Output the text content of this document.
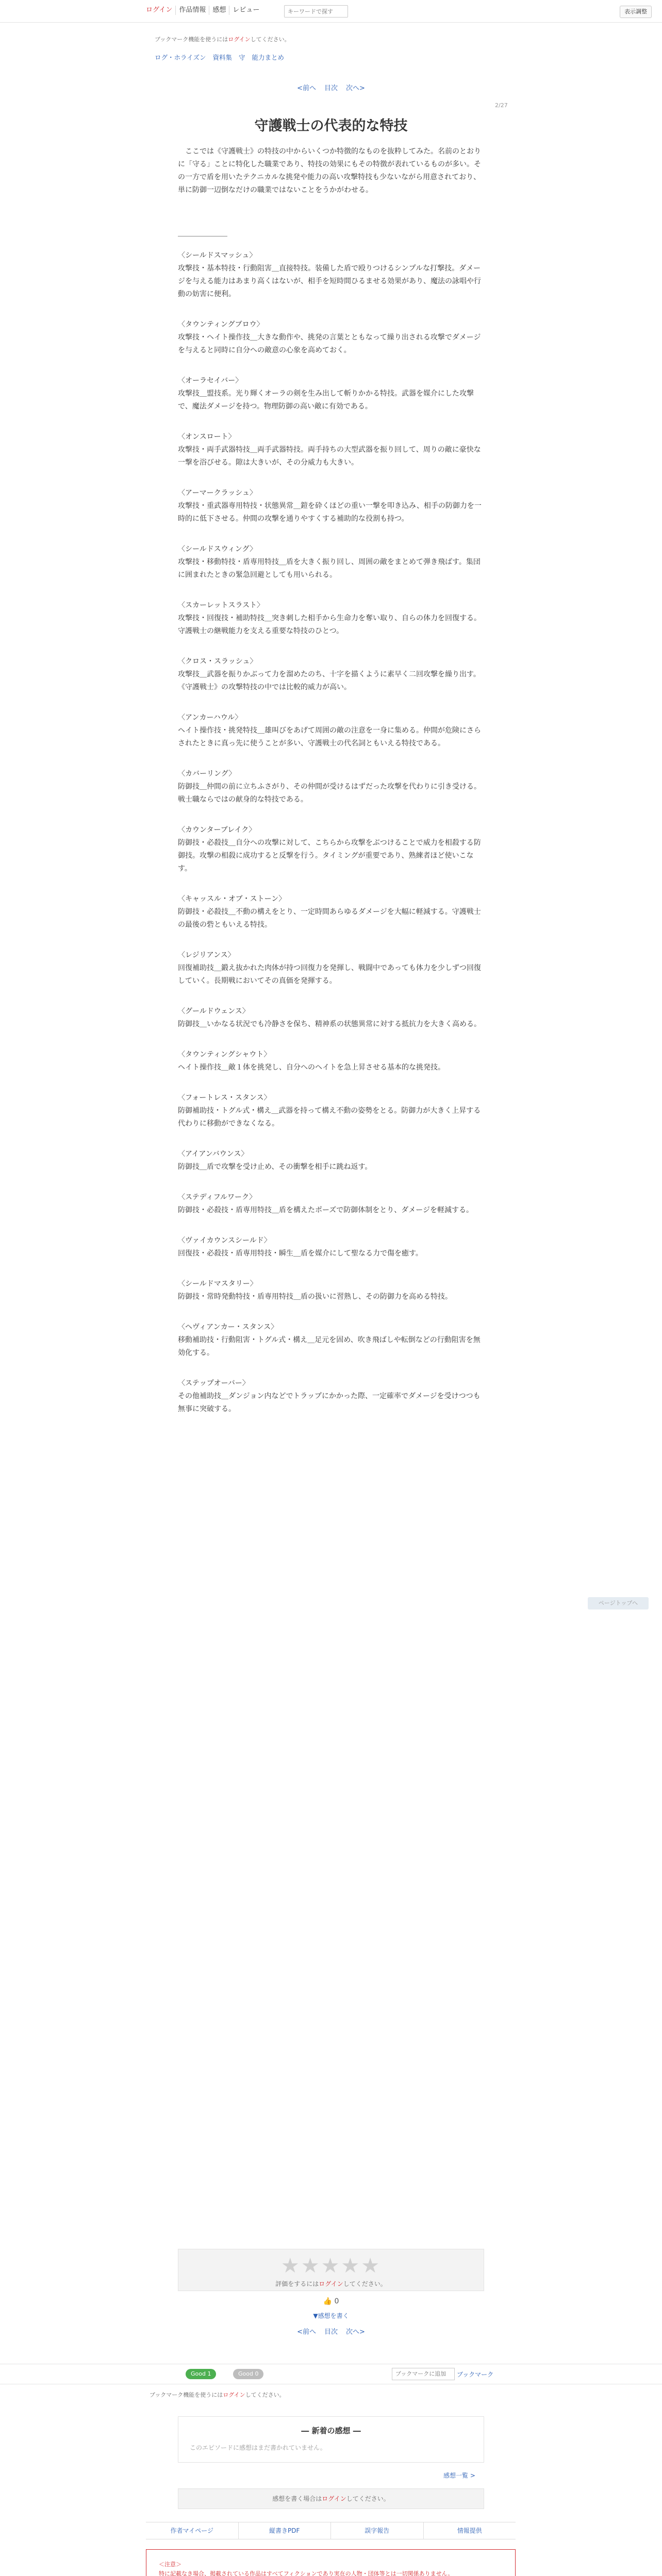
ログイン	作品情報	感想	レビュー
キーワードで探す	表示調整
ブックマーク機能を使うにはログインしてください。
ログ・ホライズン 資料集 守 能力まとめ
<前へ 目次 次へ>
2/27
守護戦士の代表的な特技

　ここでは《守護戦士》の特技の中からいくつか特徴的なものを抜粋してみた。名前のとおりに「守る」ことに特化した職業であり、特技の効果にもその特徴が表れているものが多い。その一方で盾を用いたテクニカルな挑発や能力の高い攻撃特技も少ないながら用意されており、単に防御一辺倒なだけの職業ではないことをうかがわせる。

〈シールドスマッシュ〉
攻撃技・基本特技・行動阻害＿直接特技。装備した盾で殴りつけるシンプルな打撃技。ダメージを与える能力はあまり高くはないが、相手を短時間ひるませる効果があり、魔法の詠唱や行動の妨害に便利。
〈タウンティングブロウ〉
攻撃技・ヘイト操作技＿大きな動作や、挑発の言葉とともなって繰り出される攻撃でダメージを与えると同時に自分への敵意の心象を高めておく。
〈オーラセイバー〉
攻撃技＿盟技系。光り輝くオーラの剣を生み出して斬りかかる特技。武器を媒介にした攻撃で、魔法ダメージを持つ。物理防御の高い敵に有効である。
〈オンスロート〉
攻撃技・両手武器特技＿両手武器特技。両手持ちの大型武器を振り回して、周りの敵に豪快な一撃を浴びせる。隙は大きいが、その分威力も大きい。
〈アーマークラッシュ〉
攻撃技・重武器専用特技・状態異常＿鎧を砕くほどの重い一撃を叩き込み、相手の防御力を一時的に低下させる。仲間の攻撃を通りやすくする補助的な役割も持つ。
〈シールドスウィング〉
攻撃技・移動特技・盾専用特技＿盾を大きく振り回し、周囲の敵をまとめて弾き飛ばす。集団に囲まれたときの緊急回避としても用いられる。
〈スカーレットスラスト〉
攻撃技・回復技・補助特技＿突き刺した相手から生命力を奪い取り、自らの体力を回復する。守護戦士の継戦能力を支える重要な特技のひとつ。
〈クロス・スラッシュ〉
攻撃技＿武器を振りかぶって力を溜めたのち、十字を描くように素早く二回攻撃を繰り出す。《守護戦士》の攻撃特技の中では比較的威力が高い。
〈アンカーハウル〉
ヘイト操作技・挑発特技＿雄叫びをあげて周囲の敵の注意を一身に集める。仲間が危険にさらされたときに真っ先に使うことが多い、守護戦士の代名詞ともいえる特技である。
〈カバーリング〉
防御技＿仲間の前に立ちふさがり、その仲間が受けるはずだった攻撃を代わりに引き受ける。戦士職ならではの献身的な特技である。
〈カウンターブレイク〉
防御技・必殺技＿自分への攻撃に対して、こちらから攻撃をぶつけることで威力を相殺する防御技。攻撃の相殺に成功すると反撃を行う。タイミングが重要であり、熟練者ほど使いこなす。
〈キャッスル・オブ・ストーン〉
防御技・必殺技＿不動の構えをとり、一定時間あらゆるダメージを大幅に軽減する。守護戦士の最後の砦ともいえる特技。
〈レジリアンス〉
回復補助技＿鍛え抜かれた肉体が持つ回復力を発揮し、戦闘中であっても体力を少しずつ回復していく。長期戦においてその真価を発揮する。
〈グールドウェンス〉
防御技＿いかなる状況でも冷静さを保ち、精神系の状態異常に対する抵抗力を大きく高める。
〈タウンティングシャウト〉
ヘイト操作技＿敵１体を挑発し、自分へのヘイトを急上昇させる基本的な挑発技。
〈フォートレス・スタンス〉
防御補助技・トグル式・構え＿武器を持って構え不動の姿勢をとる。防御力が大きく上昇する代わりに移動ができなくなる。
〈アイアンバウンス〉
防御技＿盾で攻撃を受け止め、その衝撃を相手に跳ね返す。
〈ステディフルワーク〉
防御技・必殺技・盾専用特技＿盾を構えたポーズで防御体制をとり、ダメージを軽減する。
〈ヴァイカウンスシールド〉
回復技・必殺技・盾専用特技・瞬生＿盾を媒介にして聖なる力で傷を癒す。
〈シールドマスタリー〉
防御技・常時発動特技・盾専用特技＿盾の扱いに習熟し、その防御力を高める特技。
〈ヘヴィアンカー・スタンス〉
移動補助技・行動阻害・トグル式・構え＿足元を固め、吹き飛ばしや転倒などの行動阻害を無効化する。
〈ステップオーバー〉
その他補助技＿ダンジョン内などでトラップにかかった際、一定確率でダメージを受けつつも無事に突破する。
★★★★★
評価をするにはログインしてください。
👍 0
▼感想を書く
<前へ 目次 次へ>
Good 1	Good 0
ブックマークに追加	ブックマーク
ブックマーク機能を使うにはログインしてください。
― 新着の感想 ―
このエピソードに感想はまだ書かれていません。
感想一覧 >
感想を書く場合はログインしてください。
作者マイページ	縦書きPDF	誤字報告	情報提供
＜注意＞
特に記載なき場合、掲載されている作品はすべてフィクションであり実在の人物・団体等とは一切関係ありません。
ページトップへ
